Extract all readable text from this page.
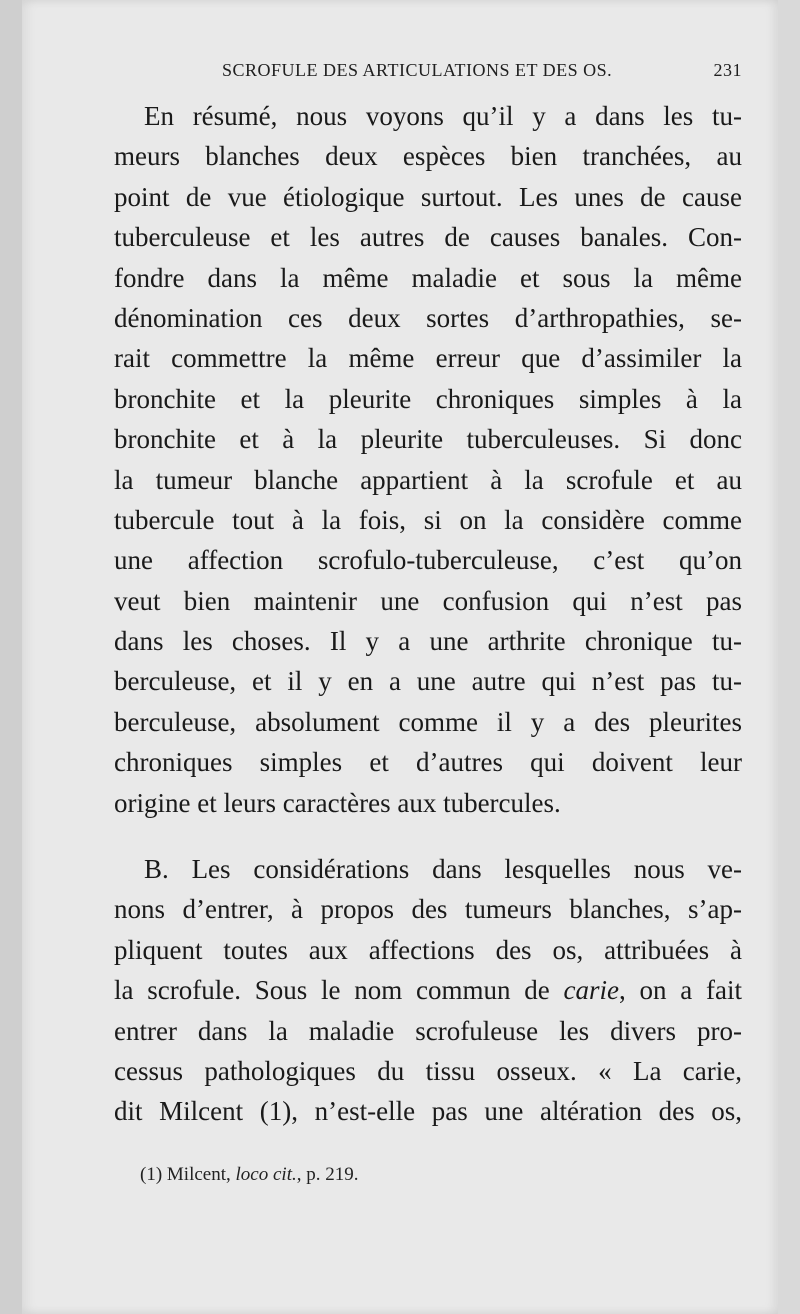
SCROFULE DES ARTICULATIONS ET DES OS.	231
En résumé, nous voyons qu’il y a dans les tu-
meurs blanches deux espèces bien tranchées, au
point de vue étiologique surtout. Les unes de cause
tuberculeuse et les autres de causes banales. Con-
fondre dans la même maladie et sous la même
dénomination ces deux sortes d’arthropathies, se-
rait commettre la même erreur que d’assimiler la
bronchite et la pleurite chroniques simples à la
bronchite et à la pleurite tuberculeuses. Si donc
la tumeur blanche appartient à la scrofule et au
tubercule tout à la fois, si on la considère comme
une affection scrofulo-tuberculeuse, c’est qu’on
veut bien maintenir une confusion qui n’est pas
dans les choses. Il y a une arthrite chronique tu-
berculeuse, et il y en a une autre qui n’est pas tu-
berculeuse, absolument comme il y a des pleurites
chroniques simples et d’autres qui doivent leur
origine et leurs caractères aux tubercules.
B. Les considérations dans lesquelles nous ve-
nons d’entrer, à propos des tumeurs blanches, s’ap-
pliquent toutes aux affections des os, attribuées à
la scrofule. Sous le nom commun de carie, on a fait
entrer dans la maladie scrofuleuse les divers pro-
cessus pathologiques du tissu osseux. « La carie,
dit Milcent (1), n’est-elle pas une altération des os,
(1) Milcent, loco cit., p. 219.
